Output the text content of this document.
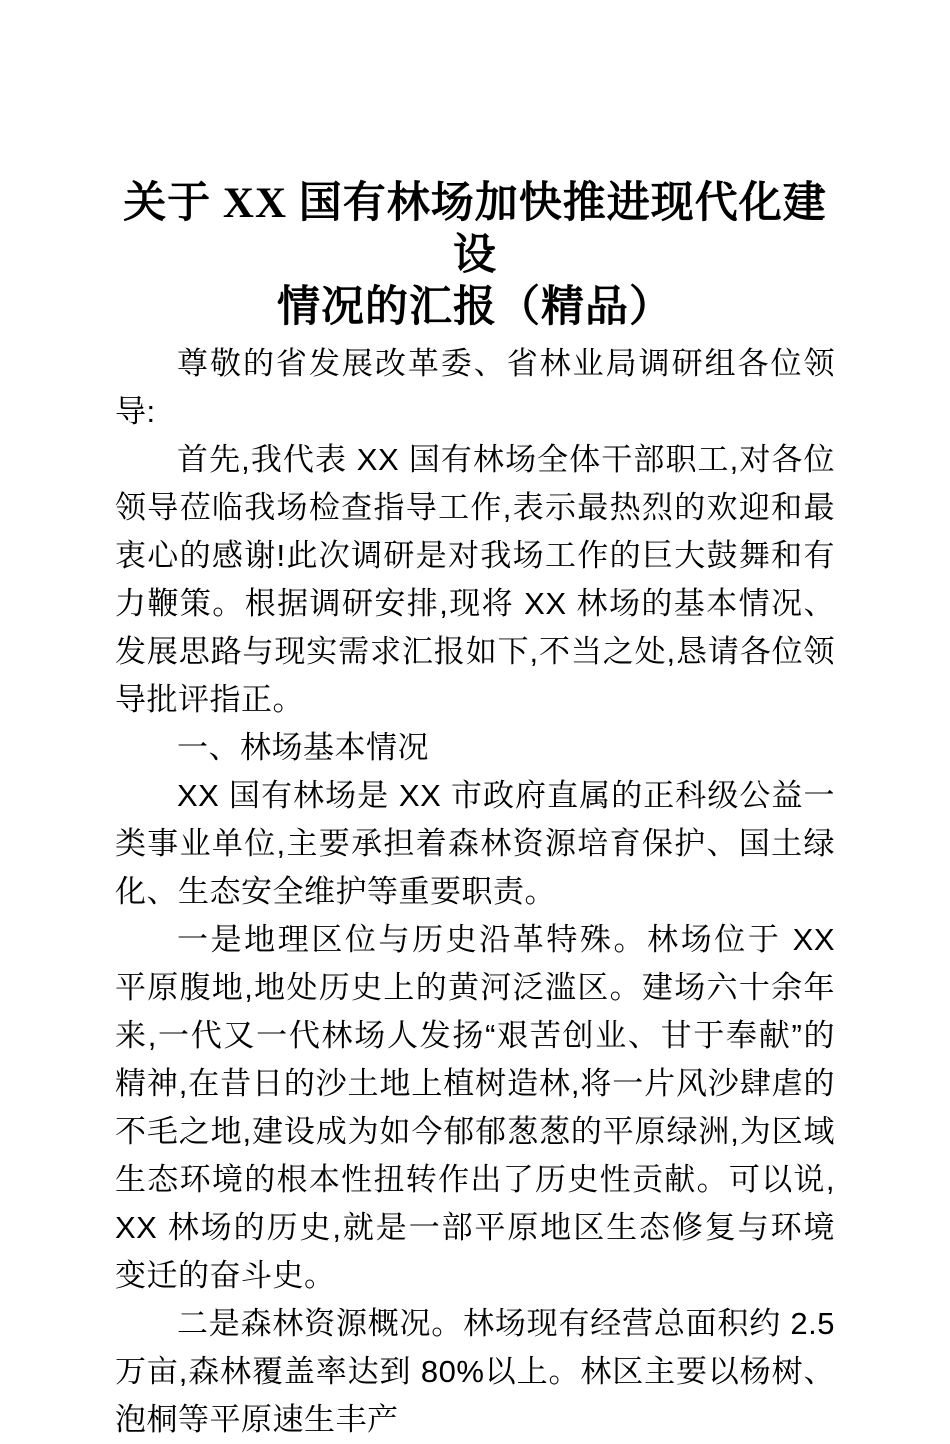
关于 XX 国有林场加快推进现代化建设
情况的汇报（精品）

尊敬的省发展改革委、省林业局调研组各位领导:

首先,我代表 XX 国有林场全体干部职工,对各位领导莅临我场检查指导工作,表示最热烈的欢迎和最衷心的感谢!此次调研是对我场工作的巨大鼓舞和有力鞭策。根据调研安排,现将 XX 林场的基本情况、发展思路与现实需求汇报如下,不当之处,恳请各位领导批评指正。

一、林场基本情况

XX 国有林场是 XX 市政府直属的正科级公益一类事业单位,主要承担着森林资源培育保护、国土绿化、生态安全维护等重要职责。

一是地理区位与历史沿革特殊。林场位于 XX 平原腹地,地处历史上的黄河泛滥区。建场六十余年来,一代又一代林场人发扬“艰苦创业、甘于奉献”的精神,在昔日的沙土地上植树造林,将一片风沙肆虐的不毛之地,建设成为如今郁郁葱葱的平原绿洲,为区域生态环境的根本性扭转作出了历史性贡献。可以说,XX 林场的历史,就是一部平原地区生态修复与环境变迁的奋斗史。

二是森林资源概况。林场现有经营总面积约 2.5 万亩,森林覆盖率达到 80%以上。林区主要以杨树、泡桐等平原速生丰产
